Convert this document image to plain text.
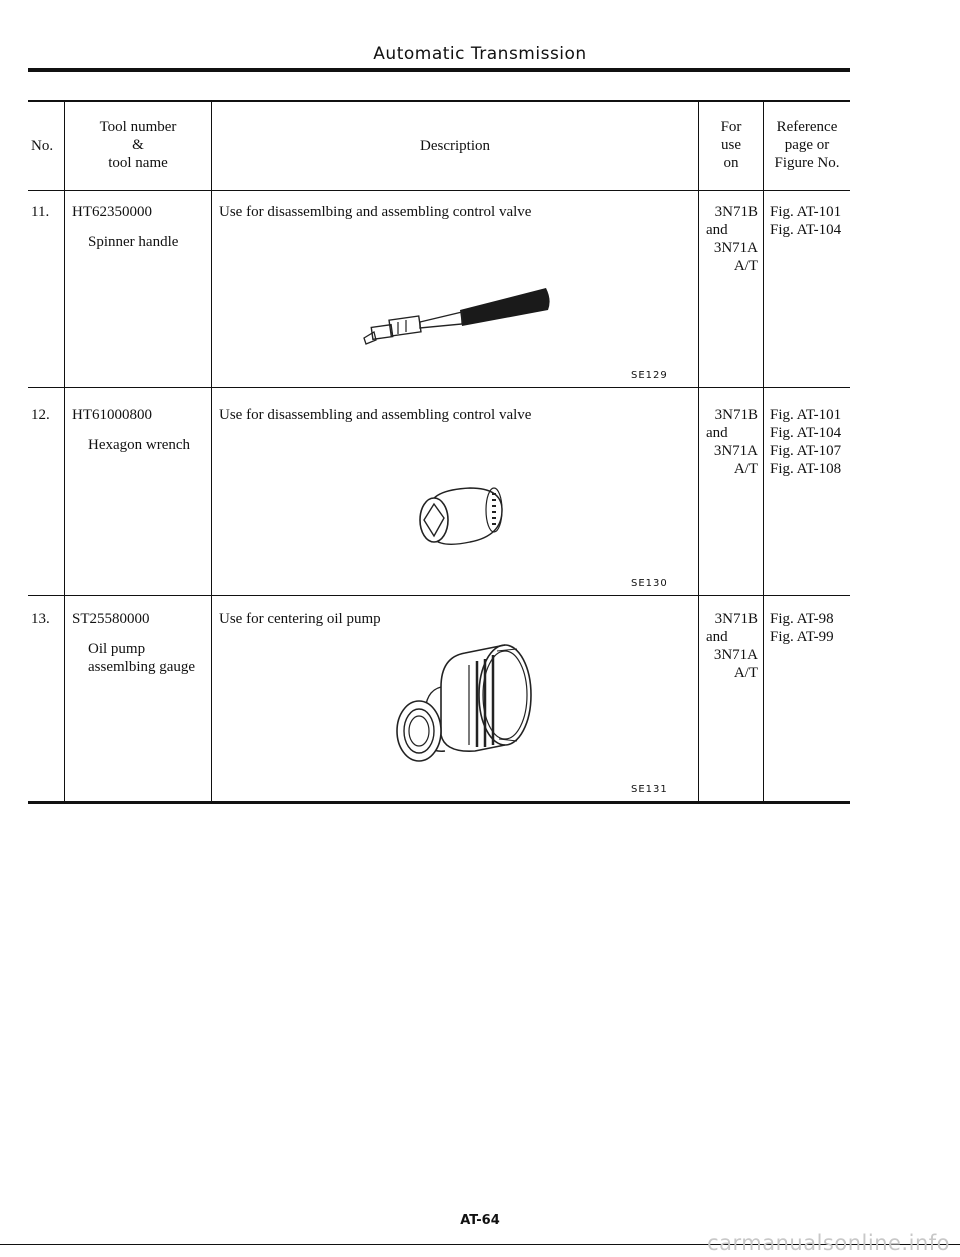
Automatic Transmission
No.
Tool number
&
tool name
Description
For
use
on
Reference
page or
Figure No.
11. HT62350000
Spinner handle
Use for disassemlbing and assembling control valve
SE129
3N71B
and
3N71A
A/T
Fig. AT-101
Fig. AT-104
12. HT61000800
Hexagon wrench
Use for disassembling and assembling control valve
SE130
3N71B
and
3N71A
A/T
Fig. AT-101
Fig. AT-104
Fig. AT-107
Fig. AT-108
13. ST25580000
Oil pump
assemlbing gauge
Use for centering oil pump
SE131
3N71B
and
3N71A
A/T
Fig. AT-98
Fig. AT-99
AT-64
carmanualsonline.info
